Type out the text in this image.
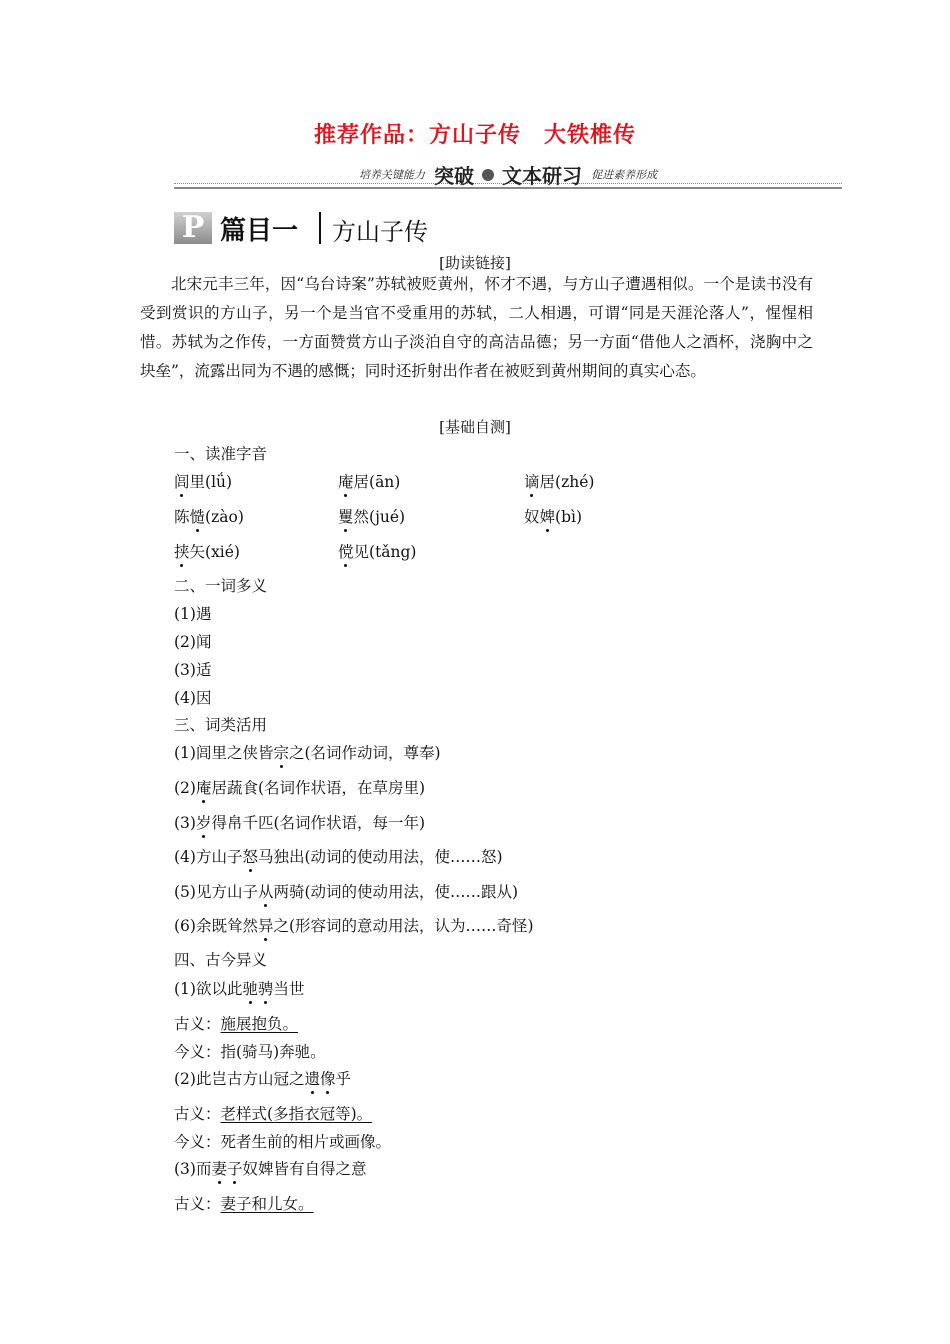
推荐作品：方山子传　大铁椎传
培养关键能力 突破 文本研习 促进素养形成
P
IANMU
篇目一 方山子传
[助读链接]
北宋元丰三年，因“乌台诗案”苏轼被贬黄州，怀才不遇，与方山子遭遇相似。一个是读书没有受到赏识的方山子，另一个是当官不受重用的苏轼，二人相遇，可谓“同是天涯沦落人”，惺惺相惜。苏轼为之作传，一方面赞赏方山子淡泊自守的高洁品德；另一方面“借他人之酒杯，浇胸中之块垒”，流露出同为不遇的感慨；同时还折射出作者在被贬到黄州期间的真实心态。
[基础自测]
一、读准字音
闾里(lǘ)	庵居(ān)	谪居(zhé)
陈慥(zào)	矍然(jué)	奴婢(bì)
挟矢(xié)	傥见(tǎng)
二、一词多义
(1)遇
(2)闻
(3)适
(4)因
三、词类活用
(1)闾里之侠皆宗之(名词作动词，尊奉)
(2)庵居蔬食(名词作状语，在草房里)
(3)岁得帛千匹(名词作状语，每一年)
(4)方山子怒马独出(动词的使动用法，使……怒)
(5)见方山子从两骑(动词的使动用法，使……跟从)
(6)余既耸然异之(形容词的意动用法，认为……奇怪)
四、古今异义
(1)欲以此驰骋当世
古义：施展抱负。
今义：指(骑马)奔驰。
(2)此岂古方山冠之遗像乎
古义：老样式(多指衣冠等)。
今义：死者生前的相片或画像。
(3)而妻子奴婢皆有自得之意
古义：妻子和儿女。
